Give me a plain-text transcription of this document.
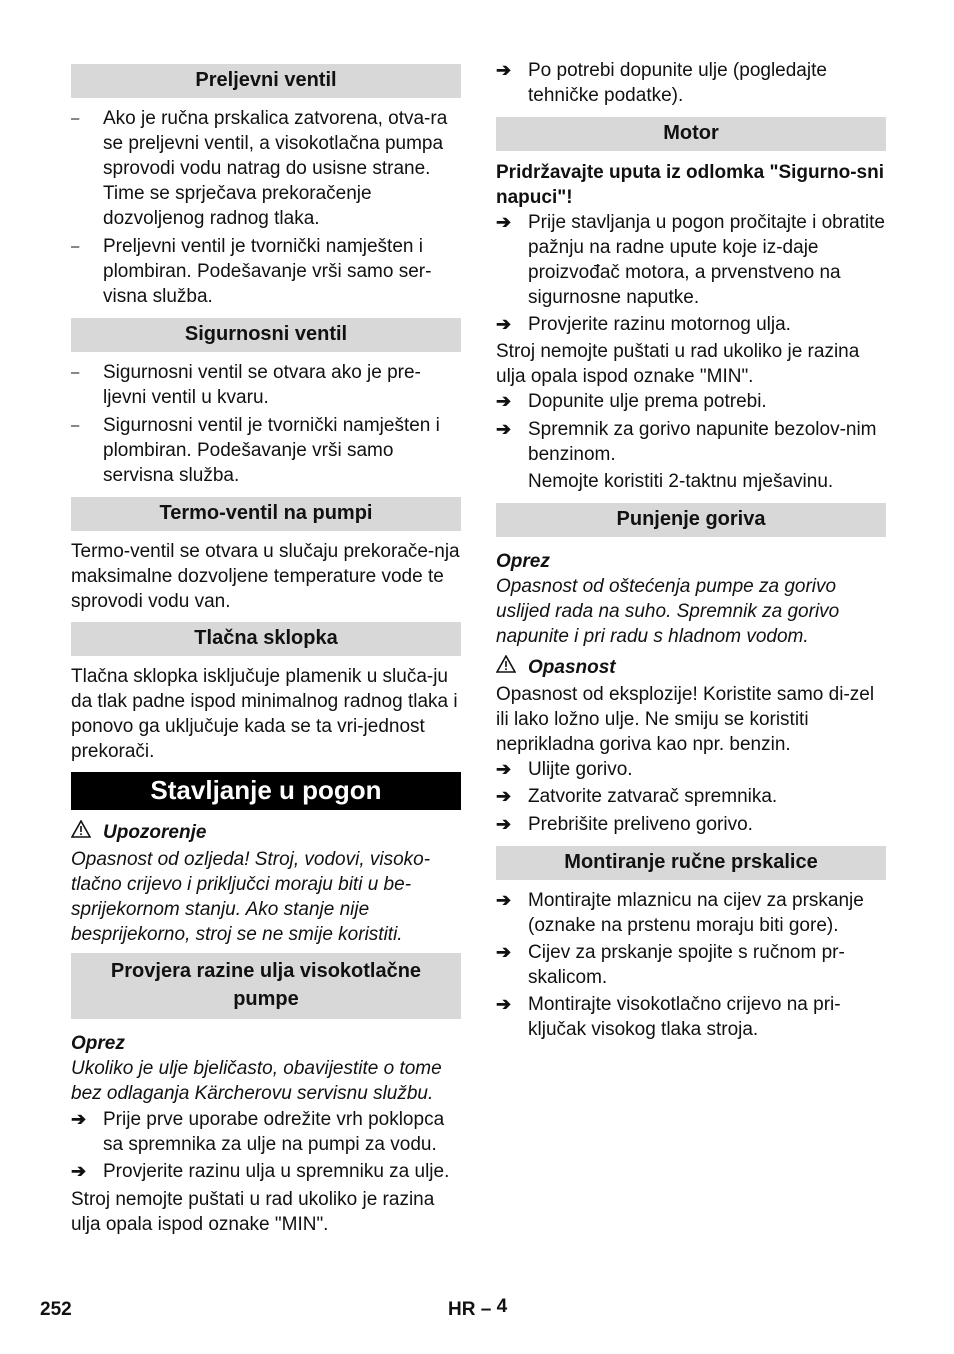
Preljevni ventil
–	Ako je ručna prskalica zatvorena, otva-ra se preljevni ventil, a visokotlačna pumpa sprovodi vodu natrag do usisne strane. Time se sprječava prekoračenje dozvoljenog radnog tlaka.
–	Preljevni ventil je tvornički namješten i plombiran. Podešavanje vrši samo ser-visna služba.
Sigurnosni ventil
–	Sigurnosni ventil se otvara ako je pre-ljevni ventil u kvaru.
–	Sigurnosni ventil je tvornički namješten i plombiran. Podešavanje vrši samo servisna služba.
Termo-ventil na pumpi
Termo-ventil se otvara u slučaju prekorače-nja maksimalne dozvoljene temperature vode te sprovodi vodu van.
Tlačna sklopka
Tlačna sklopka isključuje plamenik u sluča-ju da tlak padne ispod minimalnog radnog tlaka i ponovo ga uključuje kada se ta vri-jednost prekorači.
Stavljanje u pogon
Upozorenje
Opasnost od ozljeda! Stroj, vodovi, visoko-tlačno crijevo i priključci moraju biti u be-sprijekornom stanju. Ako stanje nije besprijekorno, stroj se ne smije koristiti.
Provjera razine ulja visokotlačne pumpe
Oprez
Ukoliko je ulje bjeličasto, obavijestite o tome bez odlaganja Kärcherovu servisnu službu.
➔ Prije prve uporabe odrežite vrh poklopca sa spremnika za ulje na pumpi za vodu.
➔ Provjerite razinu ulja u spremniku za ulje.
Stroj nemojte puštati u rad ukoliko je razina ulja opala ispod oznake "MIN".
➔ Po potrebi dopunite ulje (pogledajte tehničke podatke).
Motor
Pridržavajte uputa iz odlomka "Sigurno-sni napuci"!
➔ Prije stavljanja u pogon pročitajte i obratite pažnju na radne upute koje iz-daje proizvođač motora, a prvenstveno na sigurnosne naputke.
➔ Provjerite razinu motornog ulja.
Stroj nemojte puštati u rad ukoliko je razina ulja opala ispod oznake "MIN".
➔ Dopunite ulje prema potrebi.
➔ Spremnik za gorivo napunite bezolov-nim benzinom.
Nemojte koristiti 2-taktnu mješavinu.
Punjenje goriva
Oprez
Opasnost od oštećenja pumpe za gorivo uslijed rada na suho. Spremnik za gorivo napunite i pri radu s hladnom vodom.
Opasnost
Opasnost od eksplozije! Koristite samo di-zel ili lako ložno ulje. Ne smiju se koristiti neprikladna goriva kao npr. benzin.
➔ Ulijte gorivo.
➔ Zatvorite zatvarač spremnika.
➔ Prebrišite preliveno gorivo.
Montiranje ručne prskalice
➔ Montirajte mlaznicu na cijev za prskanje (oznake na prstenu moraju biti gore).
➔ Cijev za prskanje spojite s ručnom pr-skalicom.
➔ Montirajte visokotlačno crijevo na pri-ključak visokog tlaka stroja.
252	HR – 4
